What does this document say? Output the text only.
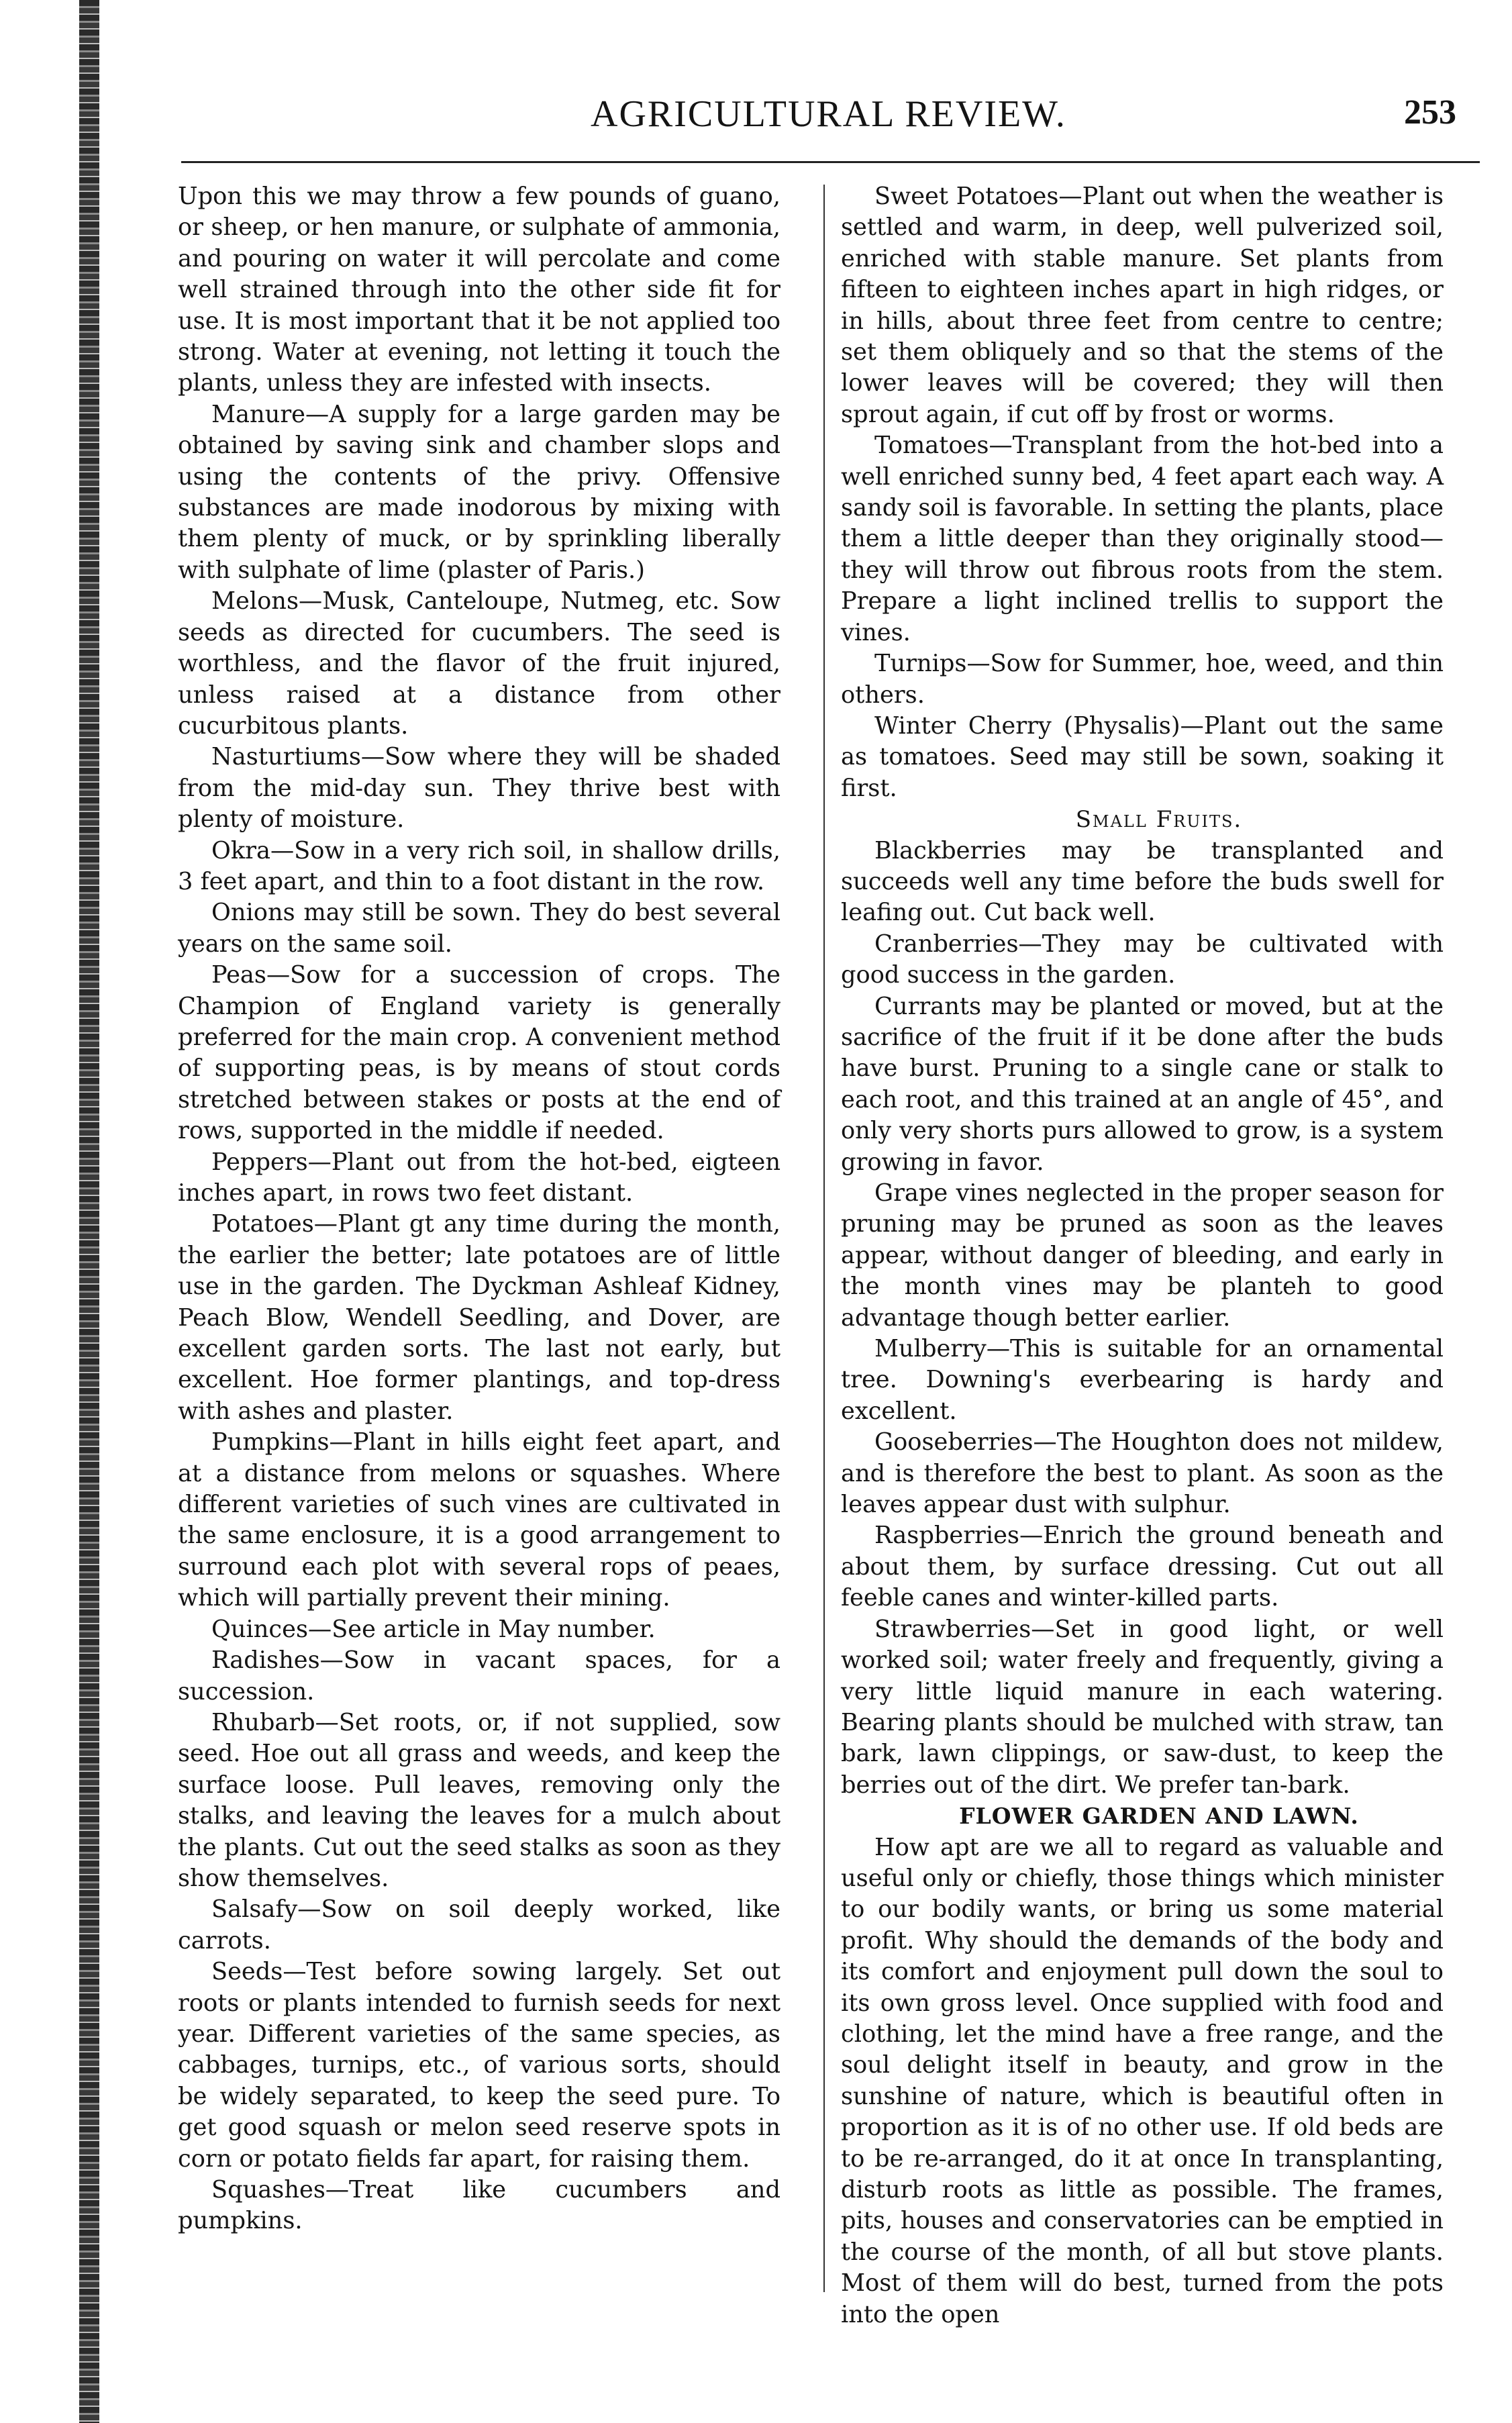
AGRICULTURAL REVIEW.	253

Upon this we may throw a few pounds of guano, or sheep, or hen manure, or sulphate of ammonia, and pouring on water it will percolate and come well strained through into the other side fit for use. It is most important that it be not applied too strong. Water at evening, not letting it touch the plants, unless they are infested with insects.

Manure—A supply for a large garden may be obtained by saving sink and chamber slops and using the contents of the privy. Offensive substances are made inodorous by mixing with them plenty of muck, or by sprinkling liberally with sulphate of lime (plaster of Paris.)

Melons—Musk, Canteloupe, Nutmeg, etc. Sow seeds as directed for cucumbers. The seed is worthless, and the flavor of the fruit injured, unless raised at a distance from other cucurbitous plants.

Nasturtiums—Sow where they will be shaded from the mid-day sun. They thrive best with plenty of moisture.

Okra—Sow in a very rich soil, in shallow drills, 3 feet apart, and thin to a foot distant in the row.

Onions may still be sown. They do best several years on the same soil.

Peas—Sow for a succession of crops. The Champion of England variety is generally preferred for the main crop. A convenient method of supporting peas, is by means of stout cords stretched between stakes or posts at the end of rows, supported in the middle if needed.

Peppers—Plant out from the hot-bed, eigteen inches apart, in rows two feet distant.

Potatoes—Plant gt any time during the month, the earlier the better; late potatoes are of little use in the garden. The Dyckman Ashleaf Kidney, Peach Blow, Wendell Seedling, and Dover, are excellent garden sorts. The last not early, but excellent. Hoe former plantings, and top-dress with ashes and plaster.

Pumpkins—Plant in hills eight feet apart, and at a distance from melons or squashes. Where different varieties of such vines are cultivated in the same enclosure, it is a good arrangement to surround each plot with several rops of peaes, which will partially prevent their mining.

Quinces—See article in May number.

Radishes—Sow in vacant spaces, for a succession.

Rhubarb—Set roots, or, if not supplied, sow seed. Hoe out all grass and weeds, and keep the surface loose. Pull leaves, removing only the stalks, and leaving the leaves for a mulch about the plants. Cut out the seed stalks as soon as they show themselves.

Salsafy—Sow on soil deeply worked, like carrots.

Seeds—Test before sowing largely. Set out roots or plants intended to furnish seeds for next year. Different varieties of the same species, as cabbages, turnips, etc., of various sorts, should be widely separated, to keep the seed pure. To get good squash or melon seed reserve spots in corn or potato fields far apart, for raising them.

Squashes—Treat like cucumbers and pumpkins.

Sweet Potatoes—Plant out when the weather is settled and warm, in deep, well pulverized soil, enriched with stable manure. Set plants from fifteen to eighteen inches apart in high ridges, or in hills, about three feet from centre to centre; set them obliquely and so that the stems of the lower leaves will be covered; they will then sprout again, if cut off by frost or worms.

Tomatoes—Transplant from the hot-bed into a well enriched sunny bed, 4 feet apart each way. A sandy soil is favorable. In setting the plants, place them a little deeper than they originally stood—they will throw out fibrous roots from the stem. Prepare a light inclined trellis to support the vines.

Turnips—Sow for Summer, hoe, weed, and thin others.

Winter Cherry (Physalis)—Plant out the same as tomatoes. Seed may still be sown, soaking it first.

Small Fruits.

Blackberries may be transplanted and succeeds well any time before the buds swell for leafing out. Cut back well.

Cranberries—They may be cultivated with good success in the garden.

Currants may be planted or moved, but at the sacrifice of the fruit if it be done after the buds have burst. Pruning to a single cane or stalk to each root, and this trained at an angle of 45°, and only very shorts purs allowed to grow, is a system growing in favor.

Grape vines neglected in the proper season for pruning may be pruned as soon as the leaves appear, without danger of bleeding, and early in the month vines may be planteh to good advantage though better earlier.

Mulberry—This is suitable for an ornamental tree. Downing's everbearing is hardy and excellent.

Gooseberries—The Houghton does not mildew, and is therefore the best to plant. As soon as the leaves appear dust with sulphur.

Raspberries—Enrich the ground beneath and about them, by surface dressing. Cut out all feeble canes and winter-killed parts.

Strawberries—Set in good light, or well worked soil; water freely and frequently, giving a very little liquid manure in each watering. Bearing plants should be mulched with straw, tan bark, lawn clippings, or saw-dust, to keep the berries out of the dirt. We prefer tan-bark.

FLOWER GARDEN AND LAWN.

How apt are we all to regard as valuable and useful only or chiefly, those things which minister to our bodily wants, or bring us some material profit. Why should the demands of the body and its comfort and enjoyment pull down the soul to its own gross level. Once supplied with food and clothing, let the mind have a free range, and the soul delight itself in beauty, and grow in the sunshine of nature, which is beautiful often in proportion as it is of no other use. If old beds are to be re-arranged, do it at once In transplanting, disturb roots as little as possible. The frames, pits, houses and conservatories can be emptied in the course of the month, of all but stove plants. Most of them will do best, turned from the pots into the open
